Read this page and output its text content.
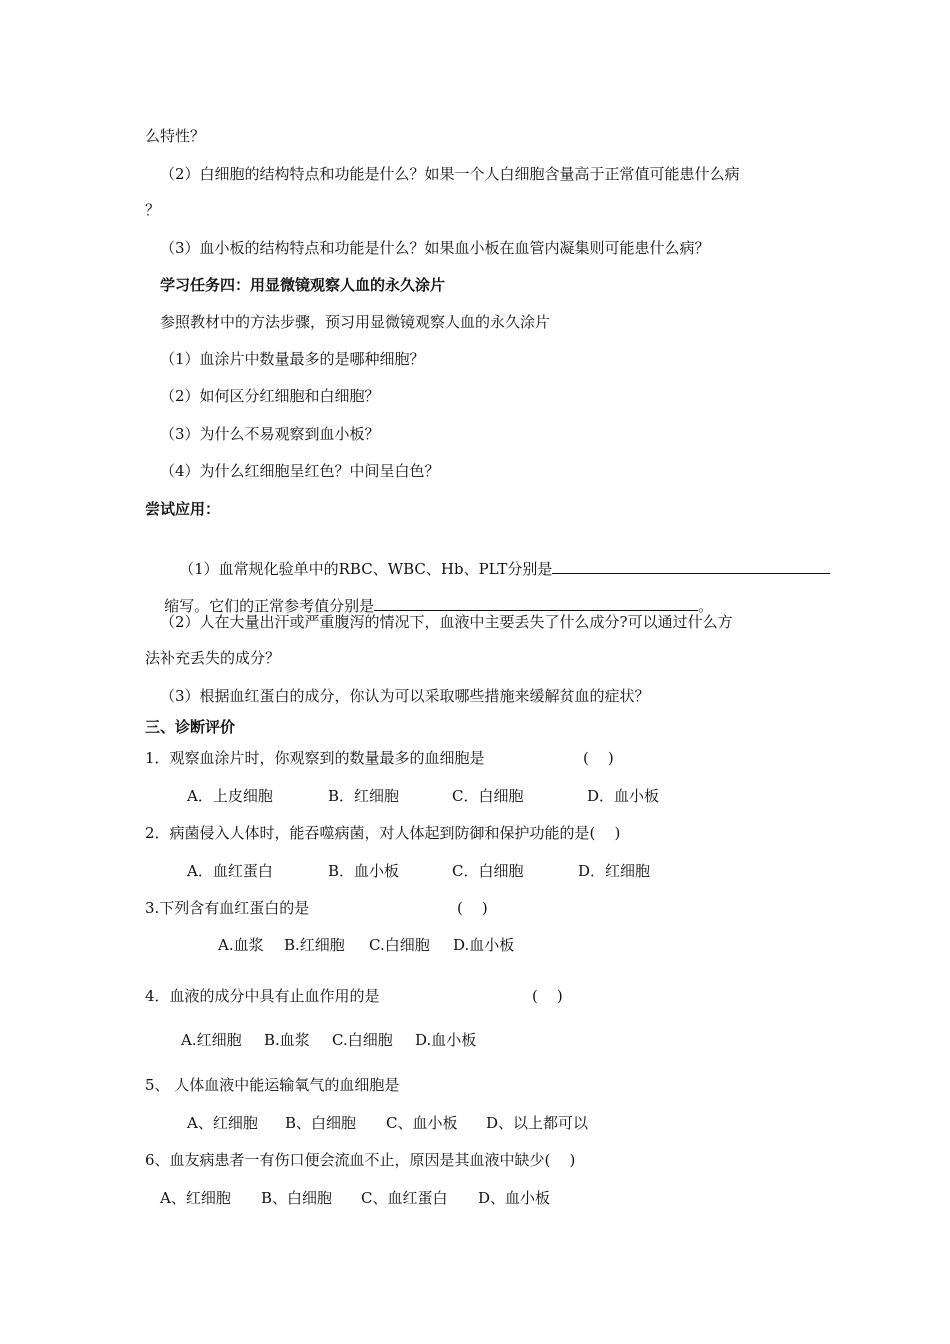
么特性？
（2）白细胞的结构特点和功能是什么？如果一个人白细胞含量高于正常值可能患什么病
？
（3）血小板的结构特点和功能是什么？如果血小板在血管内凝集则可能患什么病？
学习任务四：用显微镜观察人血的永久涂片
参照教材中的方法步骤，预习用显微镜观察人血的永久涂片
（1）血涂片中数量最多的是哪种细胞？
（2）如何区分红细胞和白细胞？
（3）为什么不易观察到血小板？
（4）为什么红细胞呈红色？中间呈白色？
尝试应用：

（1）血常规化验单中的RBC、WBC、Hb、PLT分别是

缩写。它们的正常参考值分别是	。

（2）人在大量出汗或严重腹泻的情况下，血液中主要丢失了什么成分?可以通过什么方
法补充丢失的成分？
（3）根据血红蛋白的成分，你认为可以采取哪些措施来缓解贫血的症状？
三、诊断评价
1．观察血涂片时，你观察到的数量最多的血细胞是	(    )
A．上皮细胞	B．红细胞	C．白细胞	D．血小板
2．病菌侵入人体时，能吞噬病菌，对人体起到防御和保护功能的是(    )
A．血红蛋白	B．血小板	C．白细胞	D．红细胞
3.下列含有血红蛋白的是	(    )
A.血浆 B.红细胞 C.白细胞 D.血小板
4．血液的成分中具有止血作用的是	(    )
A.红细胞 B.血浆 C.白细胞 D.血小板
5、 人体血液中能运输氧气的血细胞是
A、红细胞 B、白细胞 C、血小板 D、以上都可以
6、血友病患者一有伤口便会流血不止，原因是其血液中缺少(    )
A、红细胞 B、白细胞 C、血红蛋白 D、血小板
